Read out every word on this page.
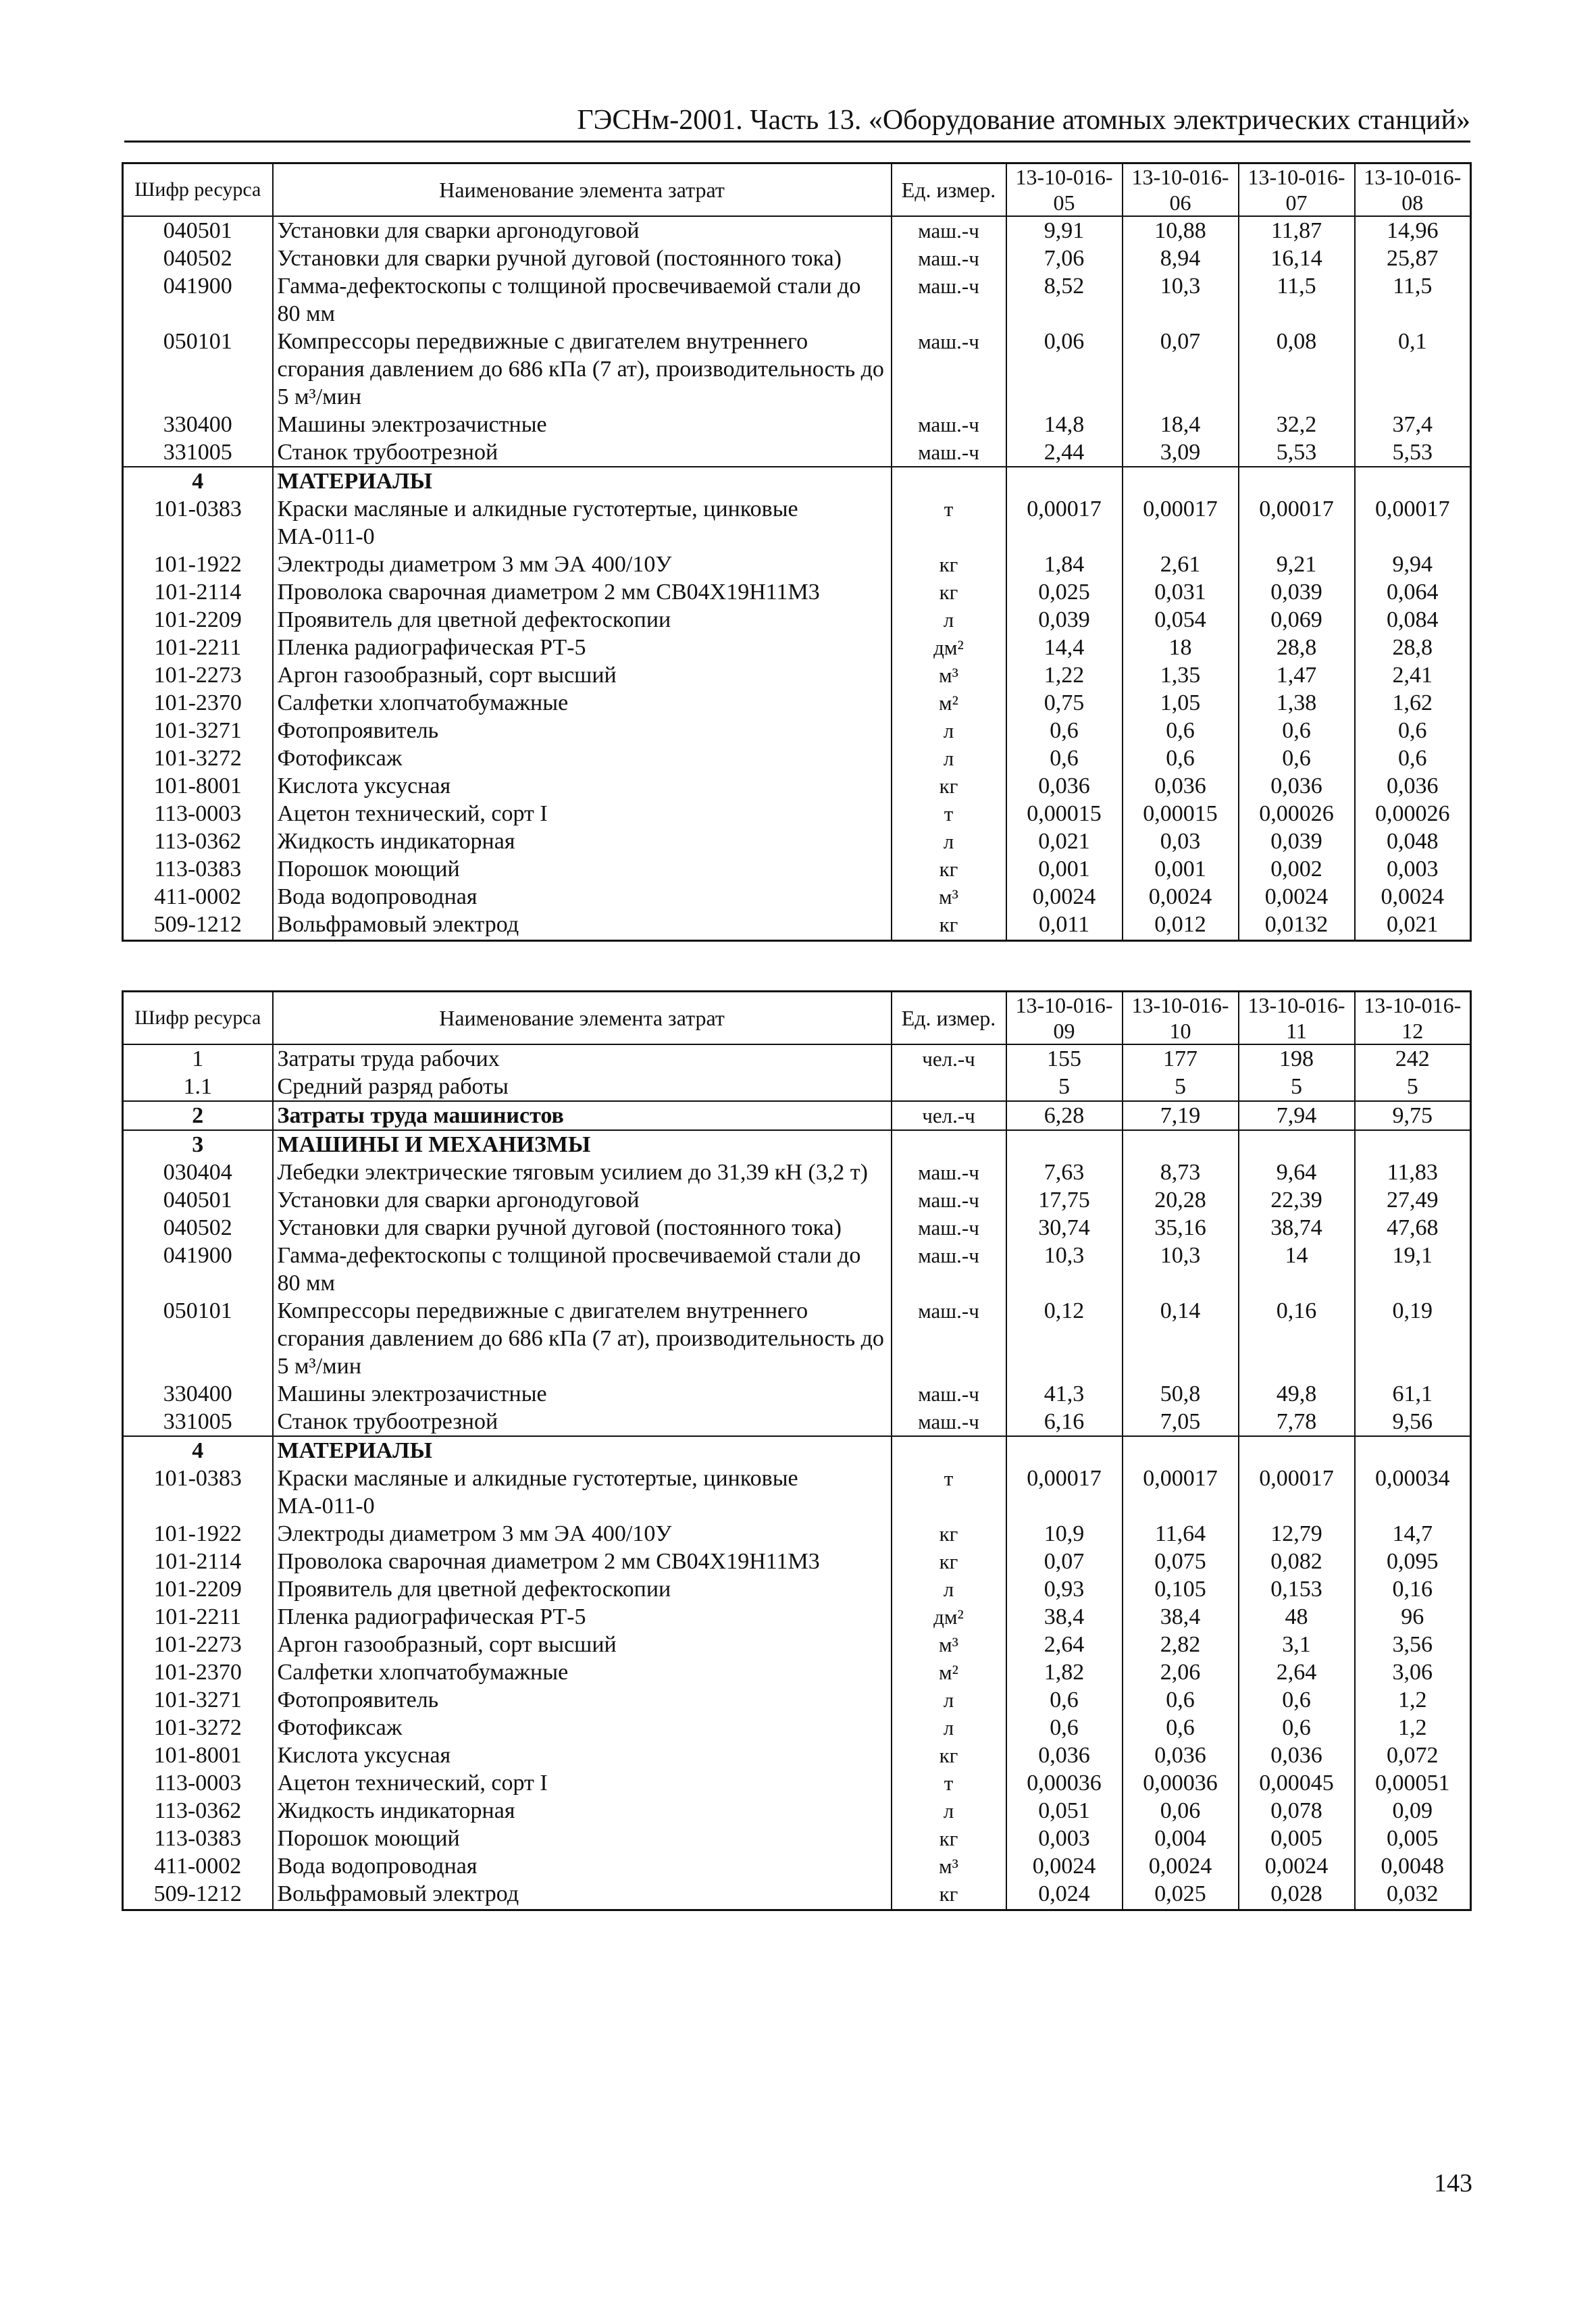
ГЭСНм-2001. Часть 13. «Оборудование атомных электрических станций»
Шифр ресурса	Наименование элемента затрат	Ед. измер.	13-10-016-05	13-10-016-06	13-10-016-07	13-10-016-08
040501	Установки для сварки аргонодуговой	маш.-ч	9,91	10,88	11,87	14,96
040502	Установки для сварки ручной дуговой (постоянного тока)	маш.-ч	7,06	8,94	16,14	25,87
041900	Гамма-дефектоскопы с толщиной просвечиваемой стали до 80 мм	маш.-ч	8,52	10,3	11,5	11,5
050101	Компрессоры передвижные с двигателем внутреннего сгорания давлением до 686 кПа (7 ат), производительность до 5 м³/мин	маш.-ч	0,06	0,07	0,08	0,1
330400	Машины электрозачистные	маш.-ч	14,8	18,4	32,2	37,4
331005	Станок трубоотрезной	маш.-ч	2,44	3,09	5,53	5,53
4	МАТЕРИАЛЫ					
101-0383	Краски масляные и алкидные густотертые, цинковые МА-011-0	т	0,00017	0,00017	0,00017	0,00017
101-1922	Электроды диаметром 3 мм ЭА 400/10У	кг	1,84	2,61	9,21	9,94
101-2114	Проволока сварочная диаметром 2 мм СВ04Х19Н11М3	кг	0,025	0,031	0,039	0,064
101-2209	Проявитель для цветной дефектоскопии	л	0,039	0,054	0,069	0,084
101-2211	Пленка радиографическая РТ-5	дм²	14,4	18	28,8	28,8
101-2273	Аргон газообразный, сорт высший	м³	1,22	1,35	1,47	2,41
101-2370	Салфетки хлопчатобумажные	м²	0,75	1,05	1,38	1,62
101-3271	Фотопроявитель	л	0,6	0,6	0,6	0,6
101-3272	Фотофиксаж	л	0,6	0,6	0,6	0,6
101-8001	Кислота уксусная	кг	0,036	0,036	0,036	0,036
113-0003	Ацетон технический, сорт I	т	0,00015	0,00015	0,00026	0,00026
113-0362	Жидкость индикаторная	л	0,021	0,03	0,039	0,048
113-0383	Порошок моющий	кг	0,001	0,001	0,002	0,003
411-0002	Вода водопроводная	м³	0,0024	0,0024	0,0024	0,0024
509-1212	Вольфрамовый электрод	кг	0,011	0,012	0,0132	0,021
Шифр ресурса	Наименование элемента затрат	Ед. измер.	13-10-016-09	13-10-016-10	13-10-016-11	13-10-016-12
1	Затраты труда рабочих	чел.-ч	155	177	198	242
1.1	Средний разряд работы		5	5	5	5
2	Затраты труда машинистов	чел.-ч	6,28	7,19	7,94	9,75
3	МАШИНЫ И МЕХАНИЗМЫ					
030404	Лебедки электрические тяговым усилием до 31,39 кН (3,2 т)	маш.-ч	7,63	8,73	9,64	11,83
040501	Установки для сварки аргонодуговой	маш.-ч	17,75	20,28	22,39	27,49
040502	Установки для сварки ручной дуговой (постоянного тока)	маш.-ч	30,74	35,16	38,74	47,68
041900	Гамма-дефектоскопы с толщиной просвечиваемой стали до 80 мм	маш.-ч	10,3	10,3	14	19,1
050101	Компрессоры передвижные с двигателем внутреннего сгорания давлением до 686 кПа (7 ат), производительность до 5 м³/мин	маш.-ч	0,12	0,14	0,16	0,19
330400	Машины электрозачистные	маш.-ч	41,3	50,8	49,8	61,1
331005	Станок трубоотрезной	маш.-ч	6,16	7,05	7,78	9,56
4	МАТЕРИАЛЫ					
101-0383	Краски масляные и алкидные густотертые, цинковые МА-011-0	т	0,00017	0,00017	0,00017	0,00034
101-1922	Электроды диаметром 3 мм ЭА 400/10У	кг	10,9	11,64	12,79	14,7
101-2114	Проволока сварочная диаметром 2 мм СВ04Х19Н11М3	кг	0,07	0,075	0,082	0,095
101-2209	Проявитель для цветной дефектоскопии	л	0,93	0,105	0,153	0,16
101-2211	Пленка радиографическая РТ-5	дм²	38,4	38,4	48	96
101-2273	Аргон газообразный, сорт высший	м³	2,64	2,82	3,1	3,56
101-2370	Салфетки хлопчатобумажные	м²	1,82	2,06	2,64	3,06
101-3271	Фотопроявитель	л	0,6	0,6	0,6	1,2
101-3272	Фотофиксаж	л	0,6	0,6	0,6	1,2
101-8001	Кислота уксусная	кг	0,036	0,036	0,036	0,072
113-0003	Ацетон технический, сорт I	т	0,00036	0,00036	0,00045	0,00051
113-0362	Жидкость индикаторная	л	0,051	0,06	0,078	0,09
113-0383	Порошок моющий	кг	0,003	0,004	0,005	0,005
411-0002	Вода водопроводная	м³	0,0024	0,0024	0,0024	0,0048
509-1212	Вольфрамовый электрод	кг	0,024	0,025	0,028	0,032
143
